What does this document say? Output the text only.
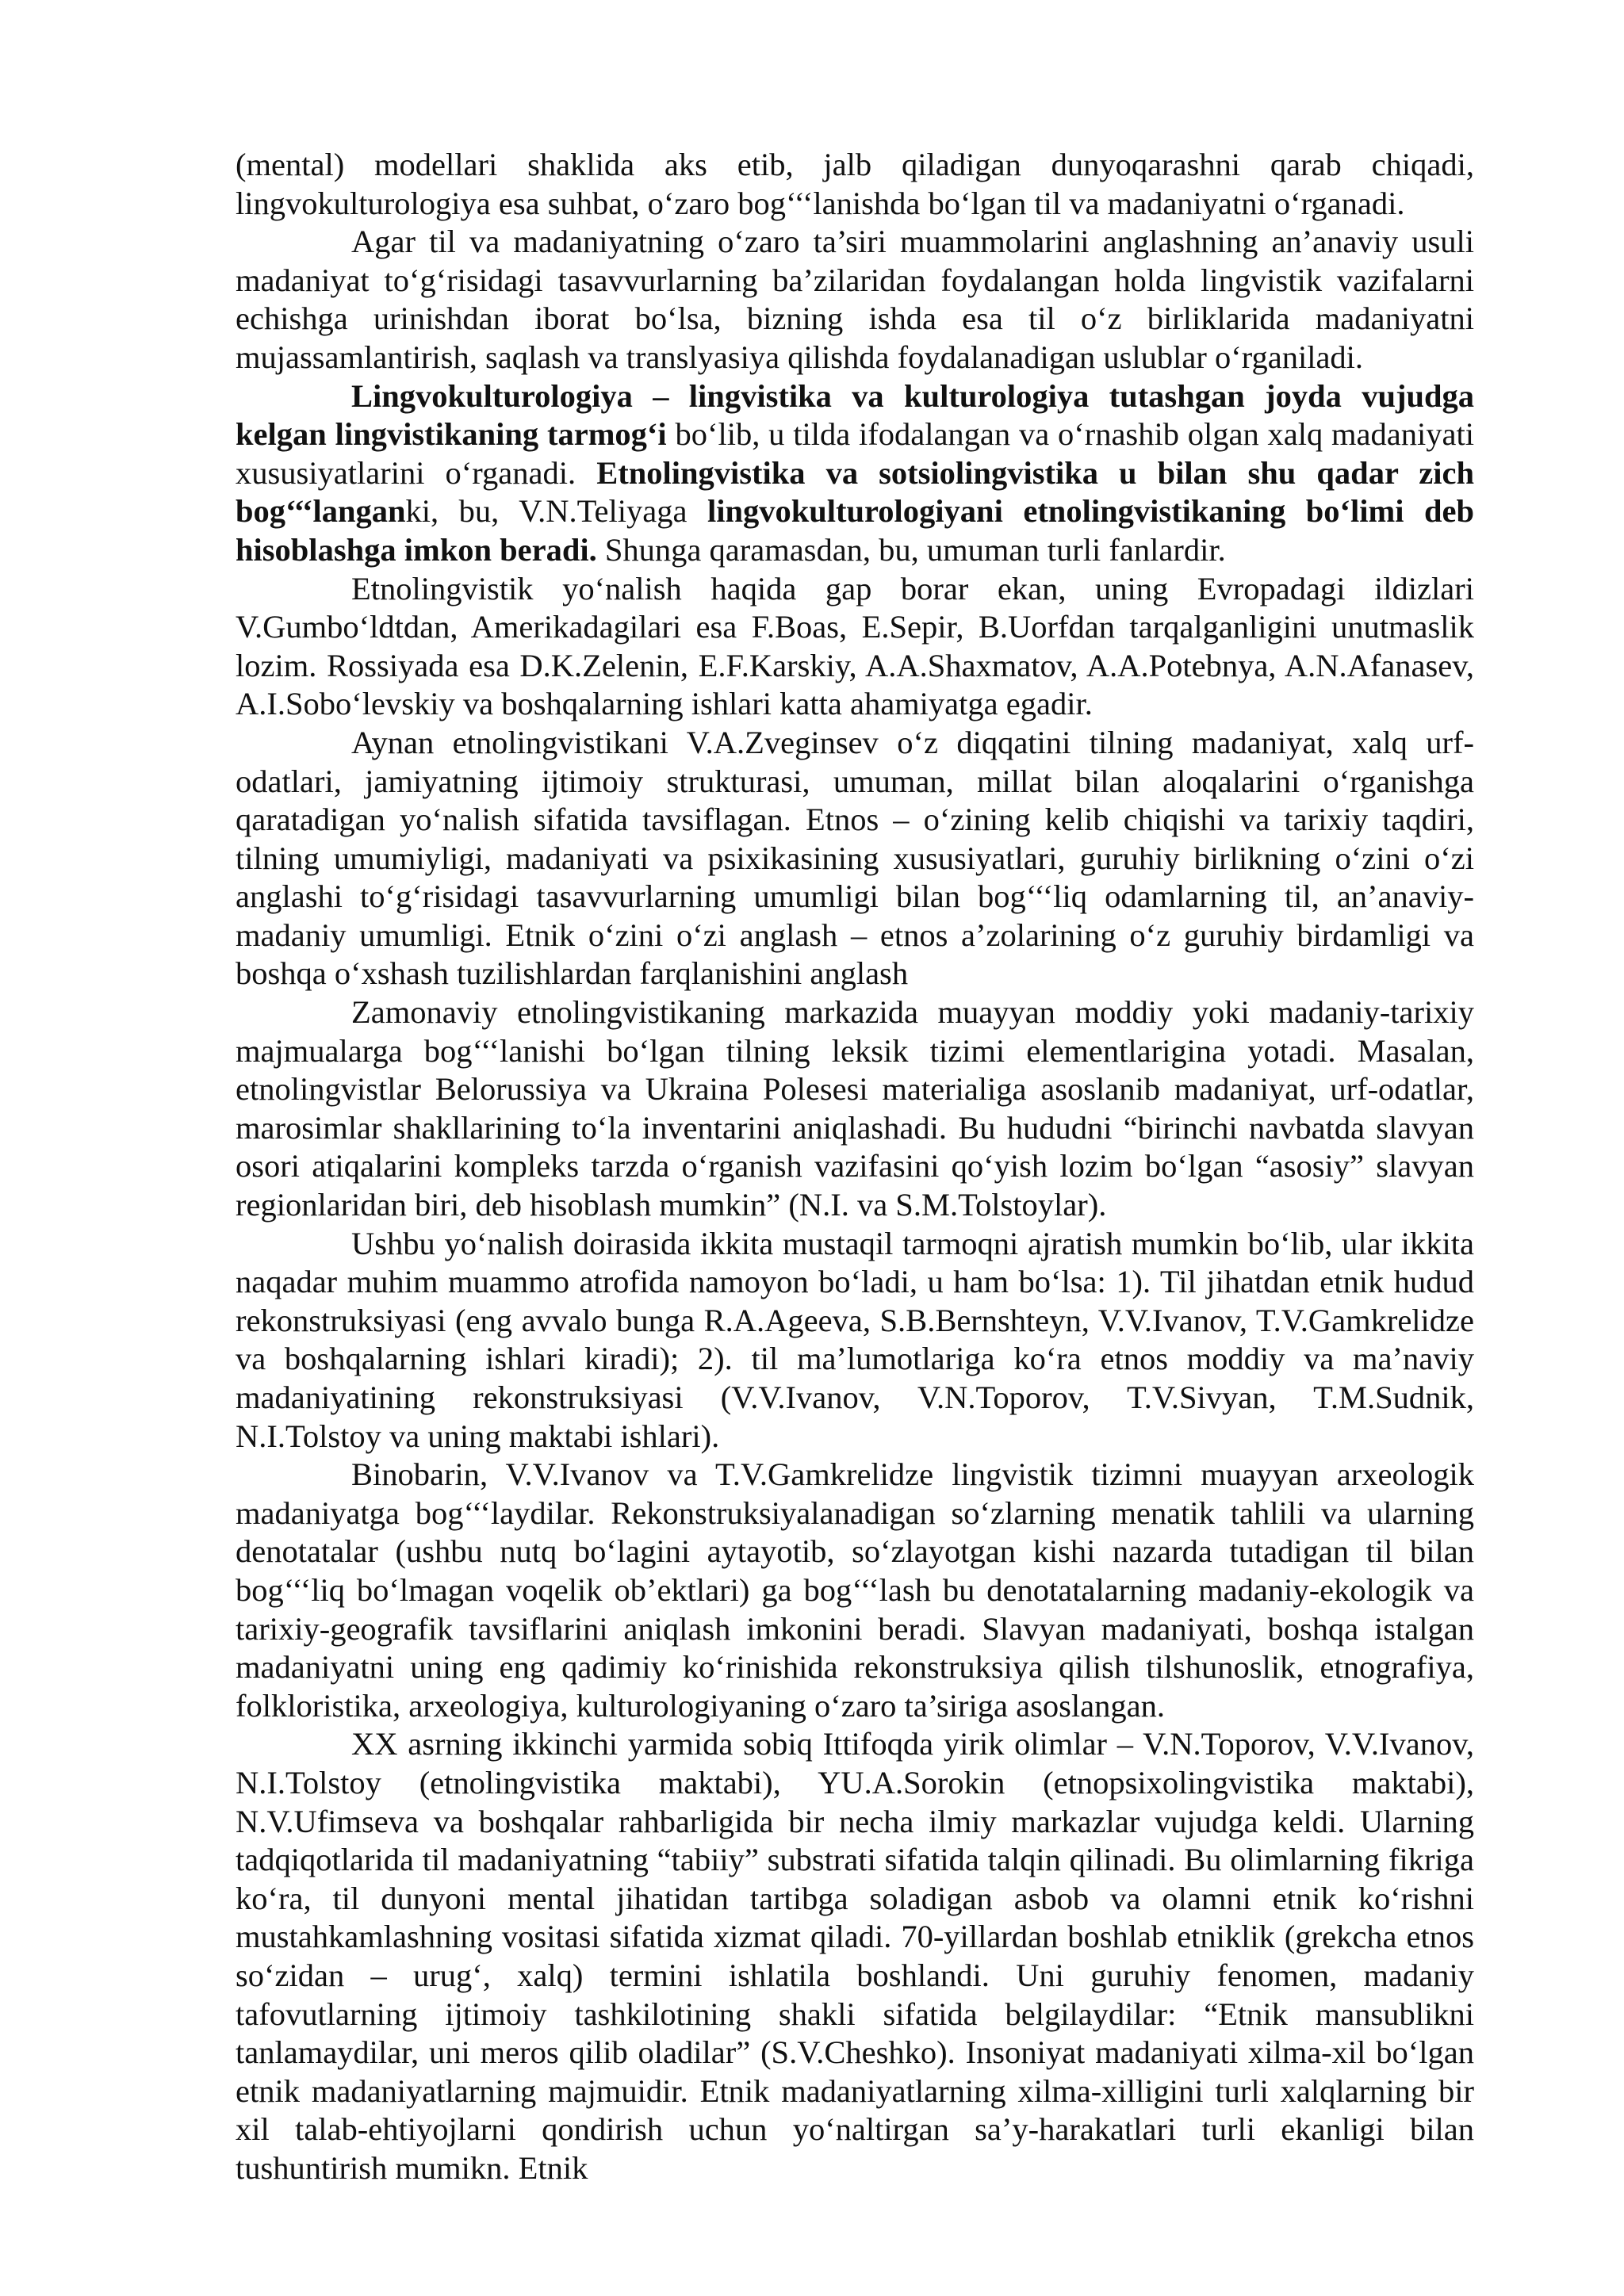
(mental) modellari shaklida aks etib, jalb qiladigan dunyoqarashni qarab chiqadi, lingvokulturologiya esa suhbat, o‘zaro bog‘‘‘lanishda bo‘lgan til va madaniyatni o‘rganadi.

Agar til va madaniyatning o‘zaro ta’siri muammolarini anglashning an’anaviy usuli madaniyat to‘g‘risidagi tasavvurlarning ba’zilaridan foydalangan holda lingvistik vazifalarni echishga urinishdan iborat bo‘lsa, bizning ishda esa til o‘z birliklarida madaniyatni mujassamlantirish, saqlash va translyasiya qilishda foydalanadigan uslublar o‘rganiladi.

Lingvokulturologiya – lingvistika va kulturologiya tutashgan joyda vujudga kelgan lingvistikaning tarmog‘i bo‘lib, u tilda ifodalangan va o‘rnashib olgan xalq madaniyati xususiyatlarini o‘rganadi. Etnolingvistika va sotsiolingvistika u bilan shu qadar zich bog‘‘‘langanki, bu, V.N.Teliyaga lingvokulturologiyani etnolingvistikaning bo‘limi deb hisoblashga imkon beradi. Shunga qaramasdan, bu, umuman turli fanlardir.

Etnolingvistik yo‘nalish haqida gap borar ekan, uning Evropadagi ildizlari V.Gumbo‘ldtdan, Amerikadagilari esa F.Boas, E.Sepir, B.Uorfdan tarqalganligini unutmaslik lozim. Rossiyada esa D.K.Zelenin, E.F.Karskiy, A.A.Shaxmatov, A.A.Potebnya, A.N.Afanasev, A.I.Sobo‘levskiy va boshqalarning ishlari katta ahamiyatga egadir.

Aynan etnolingvistikani V.A.Zveginsev o‘z diqqatini tilning madaniyat, xalq urf-odatlari, jamiyatning ijtimoiy strukturasi, umuman, millat bilan aloqalarini o‘rganishga qaratadigan yo‘nalish sifatida tavsiflagan. Etnos – o‘zining kelib chiqishi va tarixiy taqdiri, tilning umumiyligi, madaniyati va psixikasining xususiyatlari, guruhiy birlikning o‘zini o‘zi anglashi to‘g‘risidagi tasavvurlarning umumligi bilan bog‘‘‘liq odamlarning til, an’anaviy-madaniy umumligi. Etnik o‘zini o‘zi anglash – etnos a’zolarining o‘z guruhiy birdamligi va boshqa o‘xshash tuzilishlardan farqlanishini anglash

Zamonaviy etnolingvistikaning markazida muayyan moddiy yoki madaniy-tarixiy majmualarga bog‘‘‘lanishi bo‘lgan tilning leksik tizimi elementlarigina yotadi. Masalan, etnolingvistlar Belorussiya va Ukraina Polesesi materialiga asoslanib madaniyat, urf-odatlar, marosimlar shakllarining to‘la inventarini aniqlashadi. Bu hududni “birinchi navbatda slavyan osori atiqalarini kompleks tarzda o‘rganish vazifasini qo‘yish lozim bo‘lgan “asosiy” slavyan regionlaridan biri, deb hisoblash mumkin” (N.I. va S.M.Tolstoylar).

Ushbu yo‘nalish doirasida ikkita mustaqil tarmoqni ajratish mumkin bo‘lib, ular ikkita naqadar muhim muammo atrofida namoyon bo‘ladi, u ham bo‘lsa: 1). Til jihatdan etnik hudud rekonstruksiyasi (eng avvalo bunga R.A.Ageeva, S.B.Bernshteyn, V.V.Ivanov, T.V.Gamkrelidze va boshqalarning ishlari kiradi); 2). til ma’lumotlariga ko‘ra etnos moddiy va ma’naviy madaniyatining rekonstruksiyasi (V.V.Ivanov, V.N.Toporov, T.V.Sivyan, T.M.Sudnik, N.I.Tolstoy va uning maktabi ishlari).

Binobarin, V.V.Ivanov va T.V.Gamkrelidze lingvistik tizimni muayyan arxeologik madaniyatga bog‘‘‘laydilar. Rekonstruksiyalanadigan so‘zlarning menatik tahlili va ularning denotatalar (ushbu nutq bo‘lagini aytayotib, so‘zlayotgan kishi nazarda tutadigan til bilan bog‘‘‘liq bo‘lmagan voqelik ob’ektlari) ga bog‘‘‘lash bu denotatalarning madaniy-ekologik va tarixiy-geografik tavsiflarini aniqlash imkonini beradi. Slavyan madaniyati, boshqa istalgan madaniyatni uning eng qadimiy ko‘rinishida rekonstruksiya qilish tilshunoslik, etnografiya, folkloristika, arxeologiya, kulturologiyaning o‘zaro ta’siriga asoslangan.

XX asrning ikkinchi yarmida sobiq Ittifoqda yirik olimlar – V.N.Toporov, V.V.Ivanov, N.I.Tolstoy (etnolingvistika maktabi), YU.A.Sorokin (etnopsixolingvistika maktabi), N.V.Ufimseva va boshqalar rahbarligida bir necha ilmiy markazlar vujudga keldi. Ularning tadqiqotlarida til madaniyatning “tabiiy” substrati sifatida talqin qilinadi. Bu olimlarning fikriga ko‘ra, til dunyoni mental jihatidan tartibga soladigan asbob va olamni etnik ko‘rishni mustahkamlashning vositasi sifatida xizmat qiladi. 70-yillardan boshlab etniklik (grekcha etnos so‘zidan – urug‘, xalq) termini ishlatila boshlandi. Uni guruhiy fenomen, madaniy tafovutlarning ijtimoiy tashkilotining shakli sifatida belgilaydilar: “Etnik mansublikni tanlamaydilar, uni meros qilib oladilar” (S.V.Cheshko). Insoniyat madaniyati xilma-xil bo‘lgan etnik madaniyatlarning majmuidir. Etnik madaniyatlarning xilma-xilligini turli xalqlarning bir xil talab-ehtiyojlarni qondirish uchun yo‘naltirgan sa’y-harakatlari turli ekanligi bilan tushuntirish mumikn. Etnik
